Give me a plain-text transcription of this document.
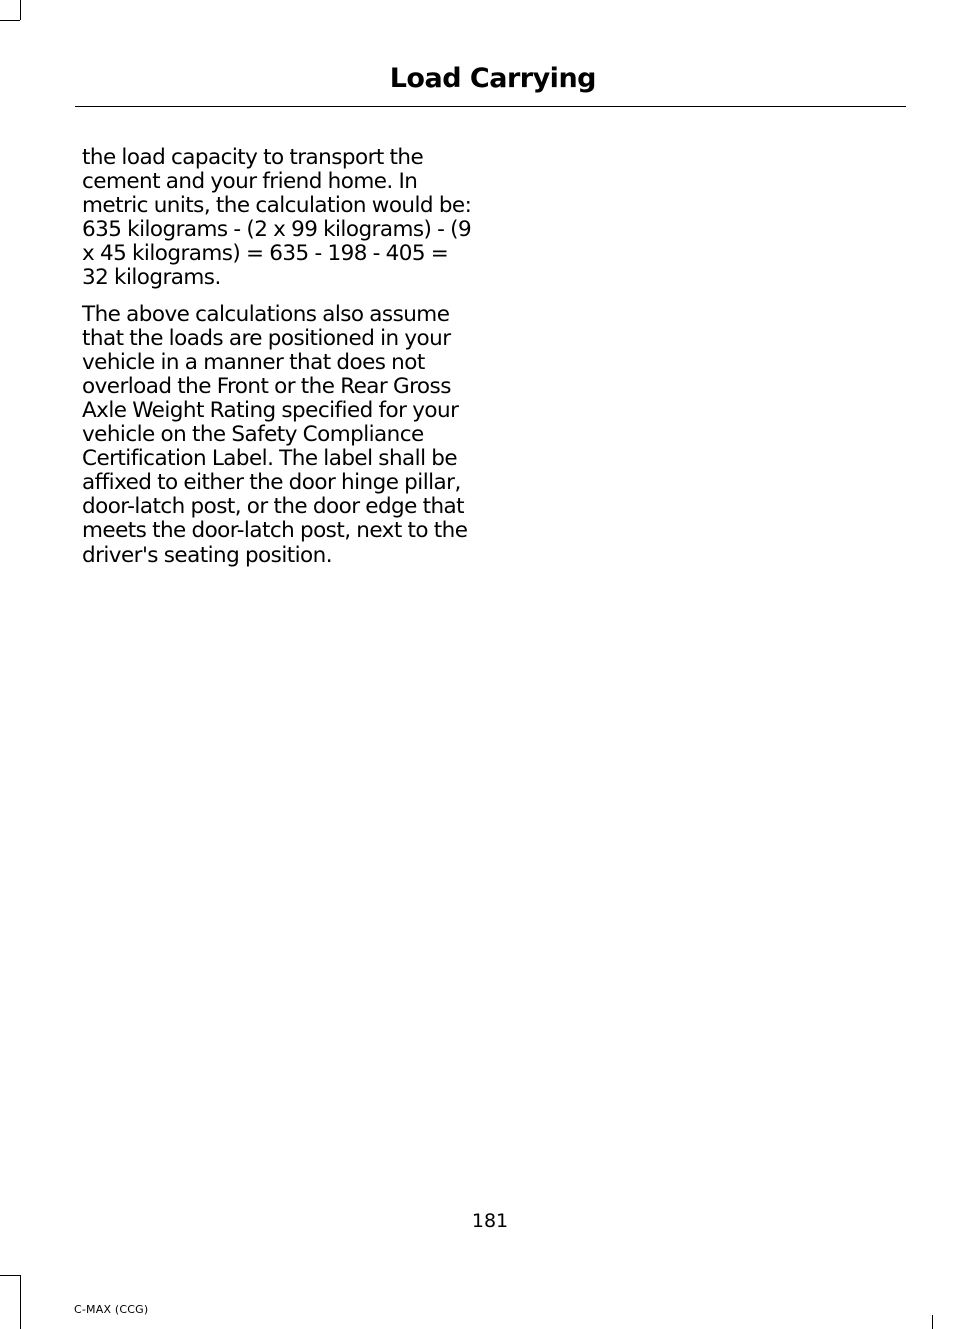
Load Carrying

the load capacity to transport the cement and your friend home. In metric units, the calculation would be: 635 kilograms - (2 x 99 kilograms) - (9 x 45 kilograms) = 635 - 198 - 405 = 32 kilograms.

The above calculations also assume that the loads are positioned in your vehicle in a manner that does not overload the Front or the Rear Gross Axle Weight Rating specified for your vehicle on the Safety Compliance Certification Label. The label shall be affixed to either the door hinge pillar, door-latch post, or the door edge that meets the door-latch post, next to the driver's seating position.

181

C-MAX (CCG)
